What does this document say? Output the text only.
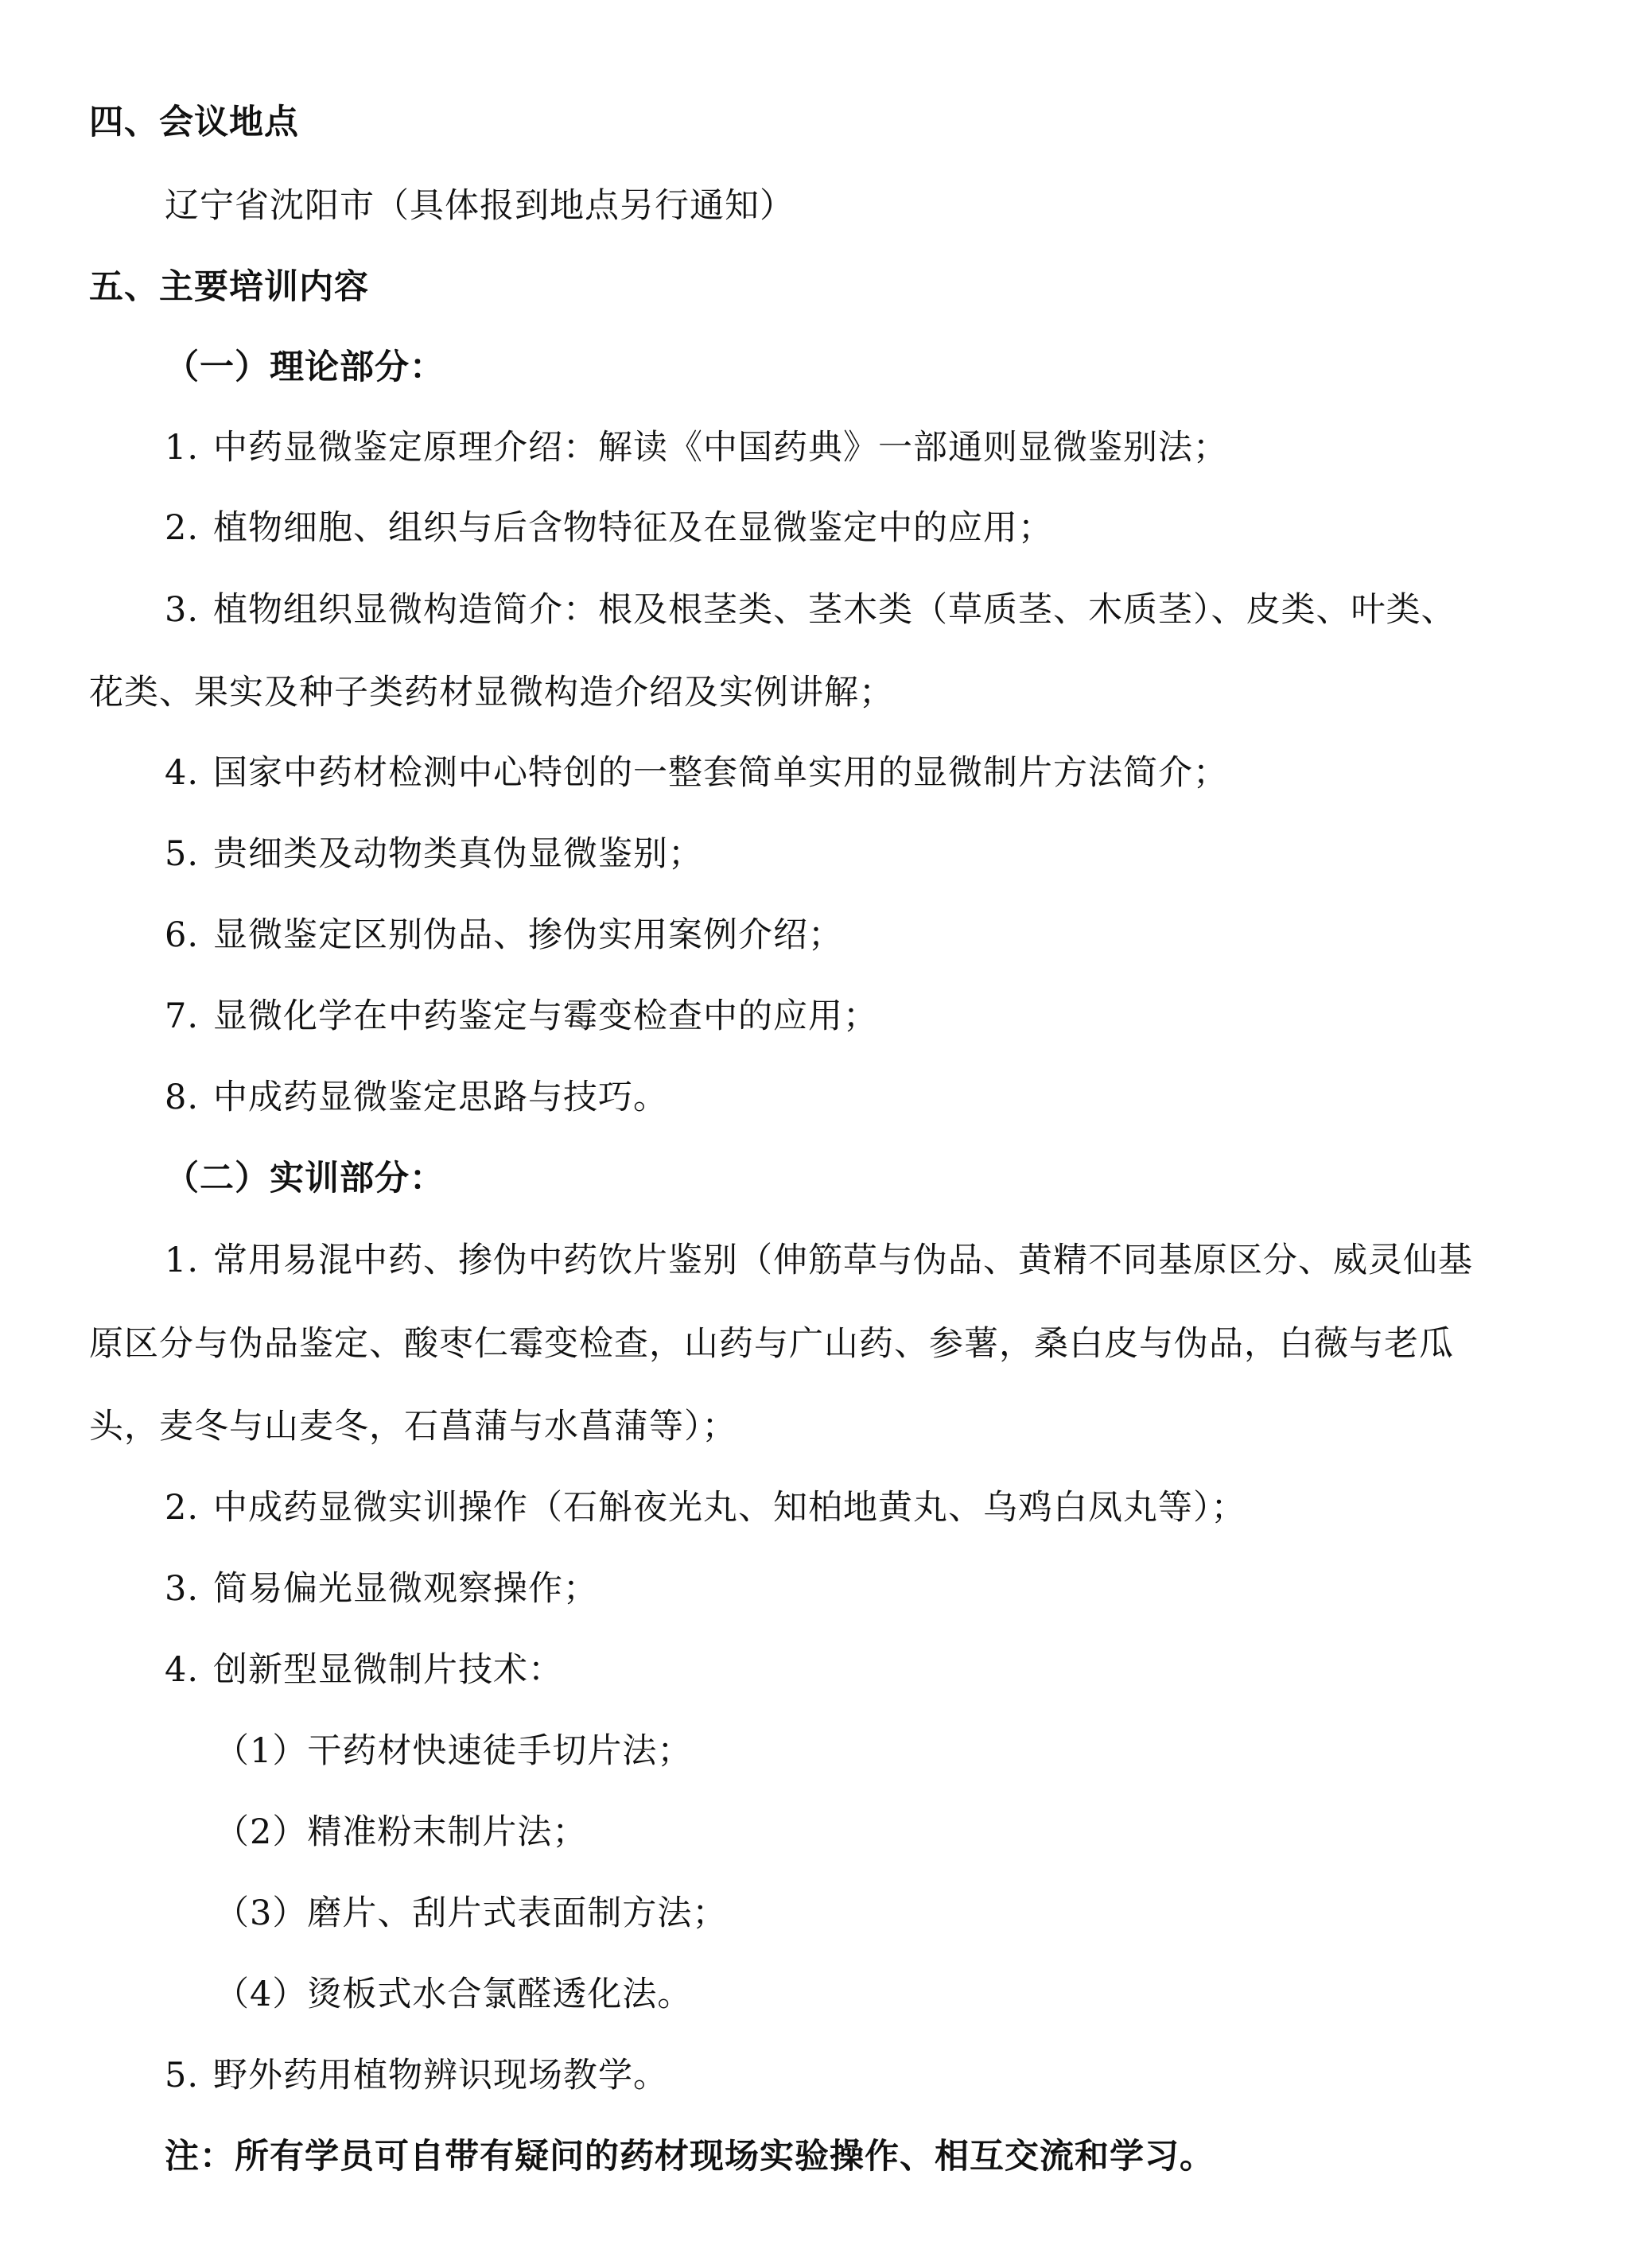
四、会议地点
辽宁省沈阳市（具体报到地点另行通知）
五、主要培训内容
（一）理论部分：
1. 中药显微鉴定原理介绍：解读《中国药典》一部通则显微鉴别法；
2. 植物细胞、组织与后含物特征及在显微鉴定中的应用；
3. 植物组织显微构造简介：根及根茎类、茎木类（草质茎、木质茎）、皮类、叶类、
花类、果实及种子类药材显微构造介绍及实例讲解；
4. 国家中药材检测中心特创的一整套简单实用的显微制片方法简介；
5. 贵细类及动物类真伪显微鉴别；
6. 显微鉴定区别伪品、掺伪实用案例介绍；
7. 显微化学在中药鉴定与霉变检查中的应用；
8. 中成药显微鉴定思路与技巧。
（二）实训部分：
1. 常用易混中药、掺伪中药饮片鉴别（伸筋草与伪品、黄精不同基原区分、威灵仙基
原区分与伪品鉴定、酸枣仁霉变检查，山药与广山药、参薯，桑白皮与伪品，白薇与老瓜
头，麦冬与山麦冬，石菖蒲与水菖蒲等）；
2. 中成药显微实训操作（石斛夜光丸、知柏地黄丸、乌鸡白凤丸等）；
3. 简易偏光显微观察操作；
4. 创新型显微制片技术：
（1）干药材快速徒手切片法；
（2）精准粉末制片法；
（3）磨片、刮片式表面制方法；
（4）烫板式水合氯醛透化法。
5. 野外药用植物辨识现场教学。
注：所有学员可自带有疑问的药材现场实验操作、相互交流和学习。
